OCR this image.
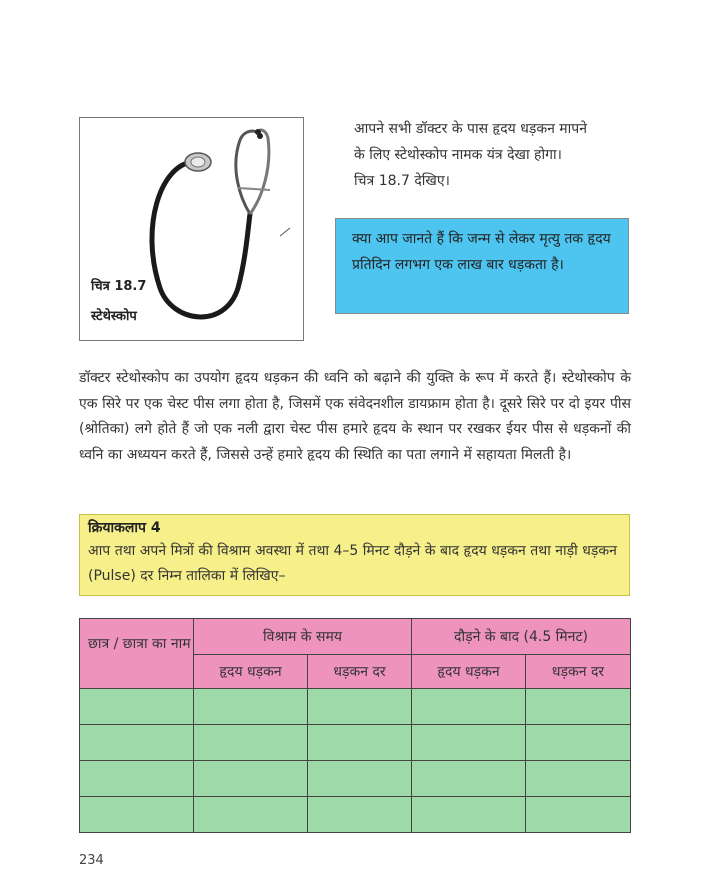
चित्र 18.7
स्टेथेस्कोप

आपने सभी डॉक्टर के पास हृदय धड़कन मापने

के लिए स्टेथोस्कोप नामक यंत्र देखा होगा।

चित्र 18.7 देखिए।

क्या आप जानते हैं कि जन्म से लेकर मृत्यु तक हृदय प्रतिदिन लगभग एक लाख बार धड़कता है।
डॉक्टर स्टेथोस्कोप का उपयोग हृदय धड़कन की ध्वनि को बढ़ाने की युक्ति के रूप में करते हैं। स्टेथोस्कोप के एक सिरे पर एक चेस्ट पीस लगा होता है, जिसमें एक संवेदनशील डायफ्राम होता है। दूसरे सिरे पर दो इयर पीस (श्रोतिका) लगे होते हैं जो एक नली द्वारा चेस्ट पीस हमारे हृदय के स्थान पर रखकर ईयर पीस से धड़कनों की ध्वनि का अध्ययन करते हैं, जिससे उन्हें हमारे हृदय की स्थिति का पता लगाने में सहायता मिलती है।
क्रियाकलाप 4
आप तथा अपने मित्रों की विश्राम अवस्था में तथा 4–5 मिनट दौड़ने के बाद हृदय धड़कन तथा नाड़ी धड़कन (Pulse) दर निम्न तालिका में लिखिए–
छात्र / छात्रा का नाम	विश्राम के समय		दौड़ने के बाद (4.5 मिनट)	
	हृदय धड़कन	धड़कन दर	हृदय धड़कन	धड़कन दर

234
